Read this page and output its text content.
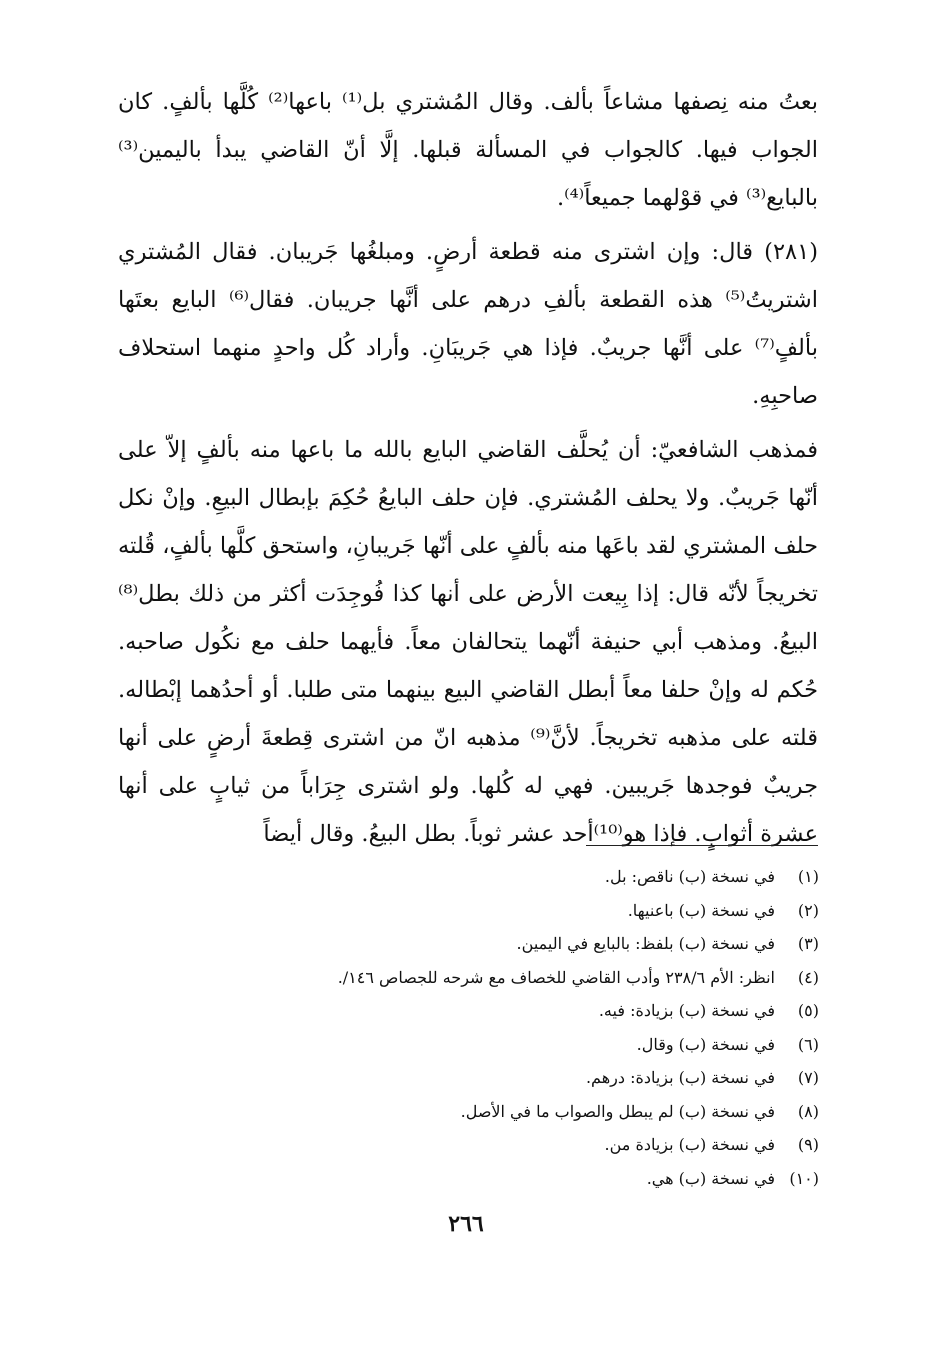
بعتُ منه نِصفها مشاعاً بألف. وقال المُشتري بل⁽¹⁾ باعها⁽²⁾ كُلَّها بألفٍ. كان الجواب فيها. كالجواب في المسألة قبلها. إلَّا أنّ القاضي يبدأ باليمين⁽³⁾ بالبايع⁽³⁾ في قوْلهما جميعاً⁽⁴⁾.

(٢٨١) قال: وإن اشترى منه قطعة أرضٍ. ومبلغُها جَريبان. فقال المُشتري اشتريتُ⁽⁵⁾ هذه القطعة بألفِ درهم على أنَّها جريبان. فقال⁽⁶⁾ البايع بعتَها بألفٍ⁽⁷⁾ على أنَّها جريبٌ. فإذا هي جَريبَانِ. وأراد كُل واحدٍ منهما استحلاف صاحبِهِ.

فمذهب الشافعيّ: أن يُحلَّف القاضي البايع بالله ما باعها منه بألفٍ إلاّ على أنّها جَريبٌ. ولا يحلف المُشتري. فإن حلف البايعُ حُكِمَ بإبطال البيعِ. وإنْ نكل حلف المشتري لقد باعَها منه بألفٍ على أنّها جَريبانِ، واستحق كلَّها بألفٍ، قُلته تخريجاً لأنّه قال: إذا بِيعت الأرض على أنها كذا فُوجِدَت أكثر من ذلك بطل⁽⁸⁾ البيعُ. ومذهب أبي حنيفة أنّهما يتحالفان معاً. فأيهما حلف مع نكُول صاحبه. حُكم له وإنْ حلفا معاً أبطل القاضي البيع بينهما متى طلبا. أو أحدُهما إبْطاله. قلته على مذهبه تخريجاً. لأنَّ⁽⁹⁾ مذهبه انّ من اشترى قِطعةَ أرضٍ على أنها جريبٌ فوجدها جَريبين. فهي له كُلها. ولو اشترى جِرَاباً من ثيابٍ على أنها عشرة أثوابٍ. فإذا هو⁽¹⁰⁾أحد عشر ثوباً. بطل البيعُ. وقال أيضاً

(١)
في نسخة (ب) ناقص: بل.
(٢)
في نسخة (ب) باعنيها.
(٣)
في نسخة (ب) بلفظ: بالبايع في اليمين.
(٤)
انظر: الأم ٢٣٨/٦ وأدب القاضي للخصاف مع شرحه للجصاص ١٤٦/.
(٥)
في نسخة (ب) بزيادة: فيه.
(٦)
في نسخة (ب) وقال.
(٧)
في نسخة (ب) بزيادة: درهم.
(٨)
في نسخة (ب) لم يبطل والصواب ما في الأصل.
(٩)
في نسخة (ب) بزيادة من.
(١٠)
في نسخة (ب) هي.
٢٦٦
